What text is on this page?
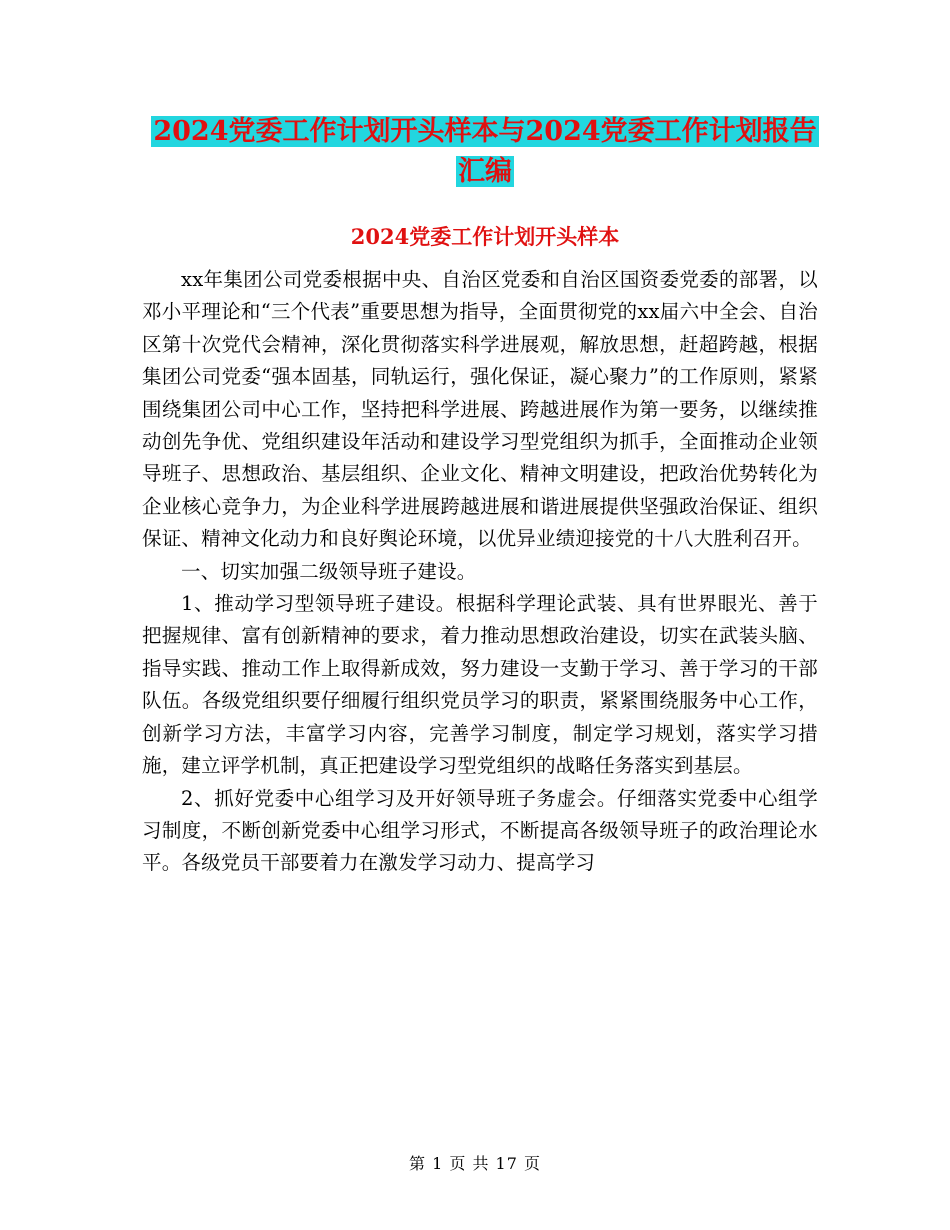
2024党委工作计划开头样本与2024党委工作计划报告
汇编
2024党委工作计划开头样本

xx年集团公司党委根据中央、自治区党委和自治区国资委党委的部署，以邓小平理论和“三个代表”重要思想为指导，全面贯彻党的xx届六中全会、自治区第十次党代会精神，深化贯彻落实科学进展观，解放思想，赶超跨越，根据集团公司党委“强本固基，同轨运行，强化保证，凝心聚力”的工作原则，紧紧围绕集团公司中心工作，坚持把科学进展、跨越进展作为第一要务，以继续推动创先争优、党组织建设年活动和建设学习型党组织为抓手，全面推动企业领导班子、思想政治、基层组织、企业文化、精神文明建设，把政治优势转化为企业核心竞争力，为企业科学进展跨越进展和谐进展提供坚强政治保证、组织保证、精神文化动力和良好舆论环境，以优异业绩迎接党的十八大胜利召开。

一、切实加强二级领导班子建设。

1、推动学习型领导班子建设。根据科学理论武装、具有世界眼光、善于把握规律、富有创新精神的要求，着力推动思想政治建设，切实在武装头脑、指导实践、推动工作上取得新成效，努力建设一支勤于学习、善于学习的干部队伍。各级党组织要仔细履行组织党员学习的职责，紧紧围绕服务中心工作，创新学习方法，丰富学习内容，完善学习制度，制定学习规划，落实学习措施，建立评学机制，真正把建设学习型党组织的战略任务落实到基层。

2、抓好党委中心组学习及开好领导班子务虚会。仔细落实党委中心组学习制度，不断创新党委中心组学习形式，不断提高各级领导班子的政治理论水平。各级党员干部要着力在激发学习动力、提高学习

第 1 页 共 17 页
